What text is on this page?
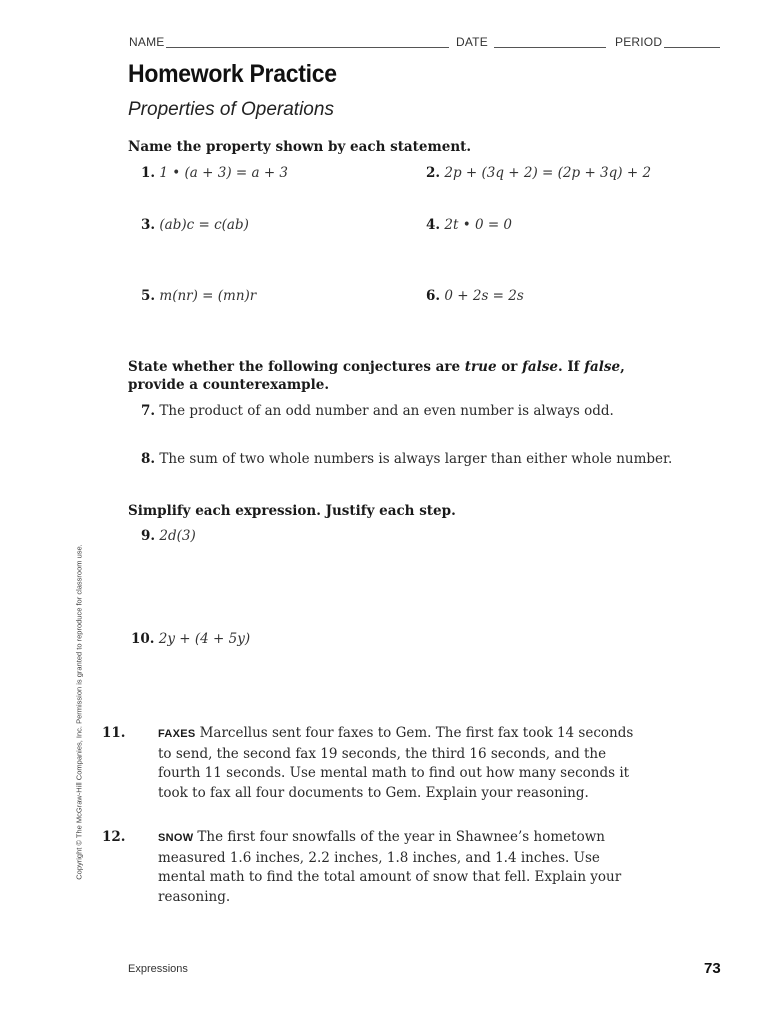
NAME	DATE	PERIOD
Homework Practice
Properties of Operations
Name the property shown by each statement.
1. 1 • (a + 3) = a + 3	2. 2p + (3q + 2) = (2p + 3q) + 2
3. (ab)c = c(ab)	4. 2t • 0 = 0
5. m(nr) = (mn)r	6. 0 + 2s = 2s
State whether the following conjectures are true or false. If false,
provide a counterexample.
7. The product of an odd number and an even number is always odd.
8. The sum of two whole numbers is always larger than either whole number.
Simplify each expression. Justify each step.
9. 2d(3)
10. 2y + (4 + 5y)
11.	FAXES Marcellus sent four faxes to Gem. The first fax took 14 seconds to send, the second fax 19 seconds, the third 16 seconds, and the fourth 11 seconds. Use mental math to find out how many seconds it took to fax all four documents to Gem. Explain your reasoning.
12.	SNOW The first four snowfalls of the year in Shawnee’s hometown measured 1.6 inches, 2.2 inches, 1.8 inches, and 1.4 inches. Use mental math to find the total amount of snow that fell. Explain your reasoning.
Copyright © The McGraw-Hill Companies, Inc. Permission is granted to reproduce for classroom use.
Expressions	73
